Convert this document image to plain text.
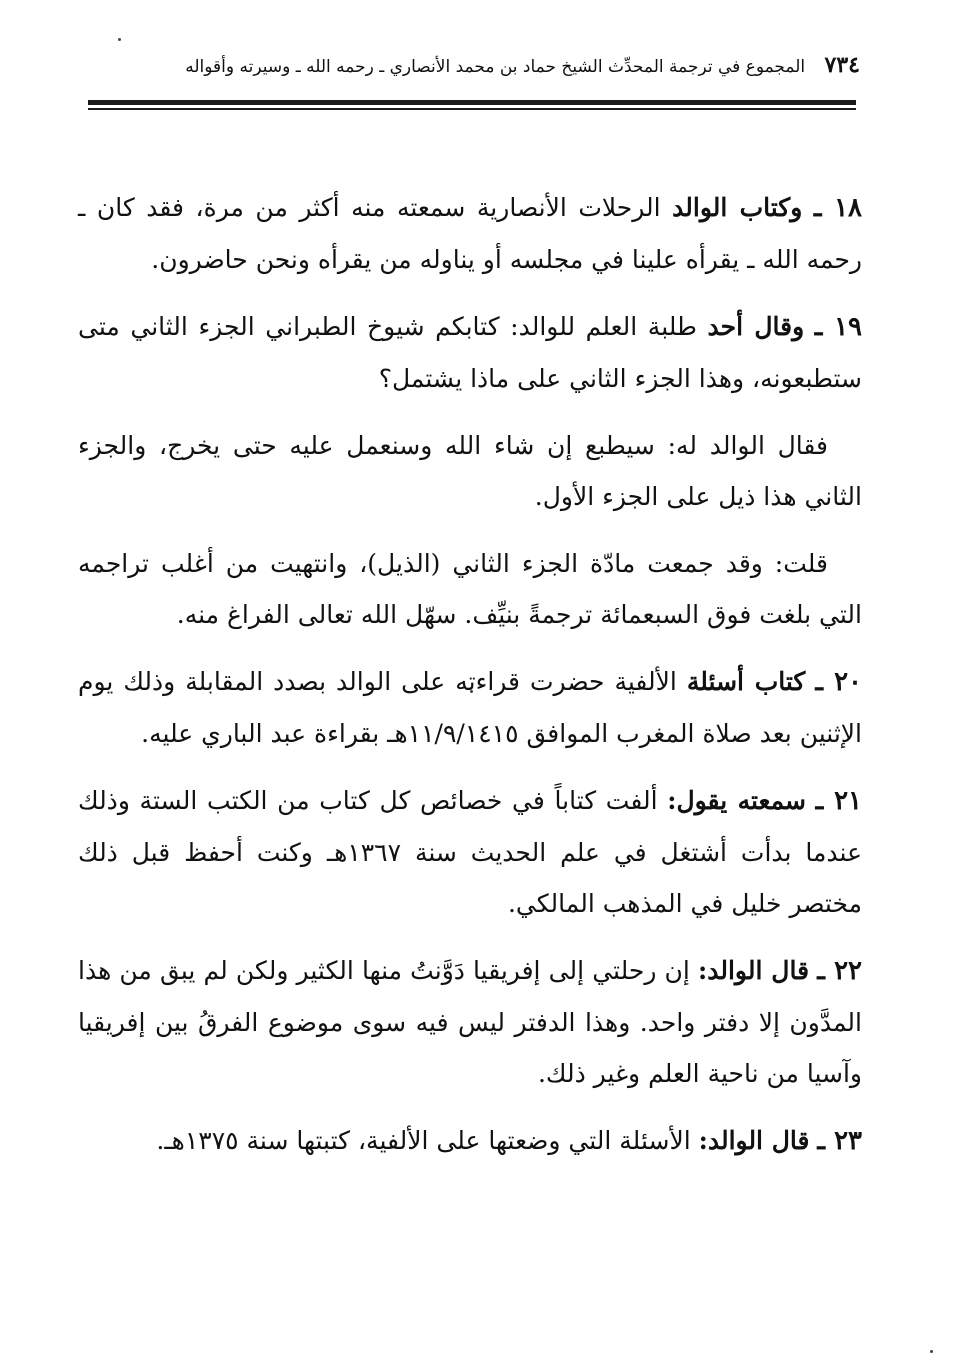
٧٣٤ المجموع في ترجمة المحدِّث الشيخ حماد بن محمد الأنصاري ـ رحمه الله ـ وسيرته وأقواله

١٨ ـ وكتاب الوالد الرحلات الأنصارية سمعته منه أكثر من مرة، فقد كان ـ رحمه الله ـ يقرأه علينا في مجلسه أو يناوله من يقرأه ونحن حاضرون.

١٩ ـ وقال أحد طلبة العلم للوالد: كتابكم شيوخ الطبراني الجزء الثاني متى ستطبعونه، وهذا الجزء الثاني على ماذا يشتمل؟

فقال الوالد له: سيطبع إن شاء الله وسنعمل عليه حتى يخرج، والجزء الثاني هذا ذيل على الجزء الأول.

قلت: وقد جمعت مادّة الجزء الثاني (الذيل)، وانتهيت من أغلب تراجمه التي بلغت فوق السبعمائة ترجمةً بنيِّف. سهّل الله تعالى الفراغ منه.

٢٠ ـ كتاب أسئلة الألفية حضرت قراءته على الوالد بصدد المقابلة وذلك يوم الإثنين بعد صلاة المغرب الموافق ١١/٩/١٤١٥هـ بقراءة عبد الباري عليه.

٢١ ـ سمعته يقول: ألفت كتاباً في خصائص كل كتاب من الكتب الستة وذلك عندما بدأت أشتغل في علم الحديث سنة ١٣٦٧هـ وكنت أحفظ قبل ذلك مختصر خليل في المذهب المالكي.

٢٢ ـ قال الوالد: إن رحلتي إلى إفريقيا دَوَّنتُ منها الكثير ولكن لم يبق من هذا المدَّون إلا دفتر واحد. وهذا الدفتر ليس فيه سوى موضوع الفرقُ بين إفريقيا وآسيا من ناحية العلم وغير ذلك.

٢٣ ـ قال الوالد: الأسئلة التي وضعتها على الألفية، كتبتها سنة ١٣٧٥هـ.
